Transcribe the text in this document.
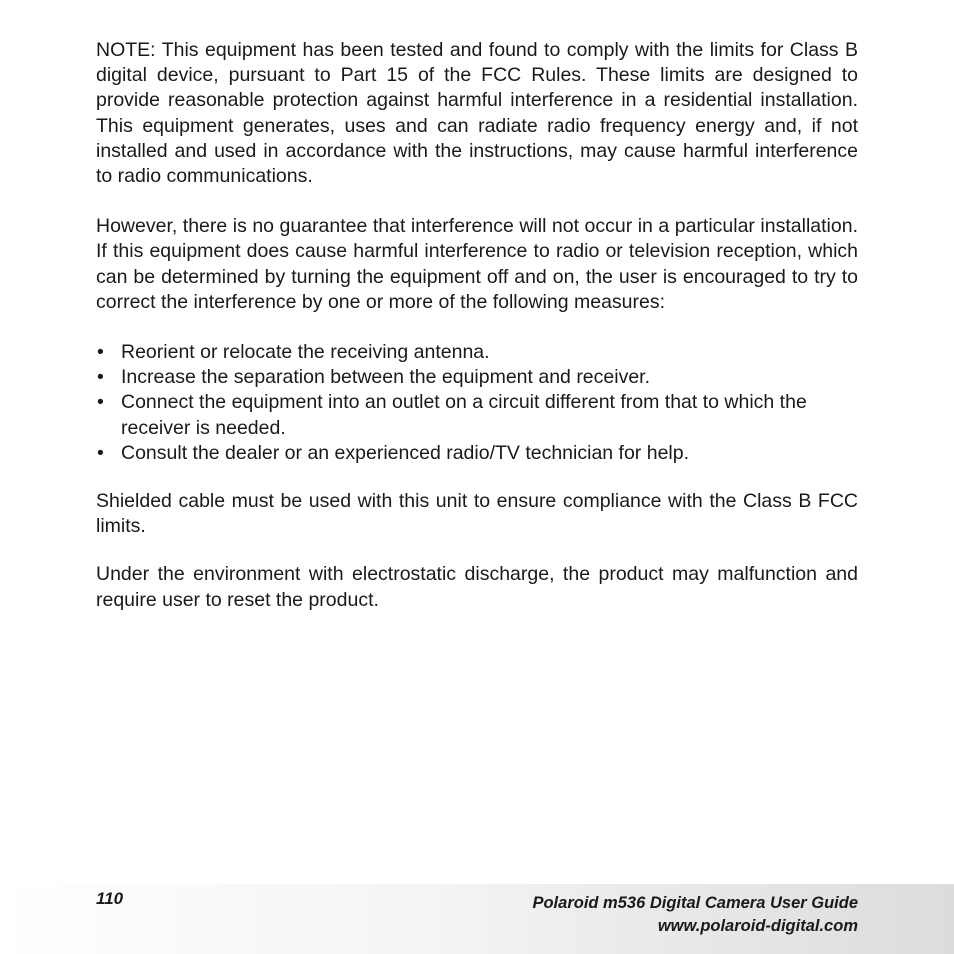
NOTE: This equipment has been tested and found to comply with the limits for Class B digital device, pursuant to Part 15 of the FCC Rules. These limits are designed to provide reasonable protection against harmful interference in a residential installation. This equipment generates, uses and can radiate radio frequency energy and, if not installed and used in accordance with the instructions, may cause harmful interference to radio communications.

However, there is no guarantee that interference will not occur in a particular installation. If this equipment does cause harmful interference to radio or television reception, which can be determined by turning the equipment off and on, the user is encouraged to try to correct the interference by one or more of the following measures:

• Reorient or relocate the receiving antenna.
• Increase the separation between the equipment and receiver.
• Connect the equipment into an outlet on a circuit different from that to which the receiver is needed.
• Consult the dealer or an experienced radio/TV technician for help.

Shielded cable must be used with this unit to ensure compliance with the Class B FCC limits.

Under the environment with electrostatic discharge, the product may malfunction and require user to reset the product.

110	Polaroid m536 Digital Camera User Guide
www.polaroid-digital.com
